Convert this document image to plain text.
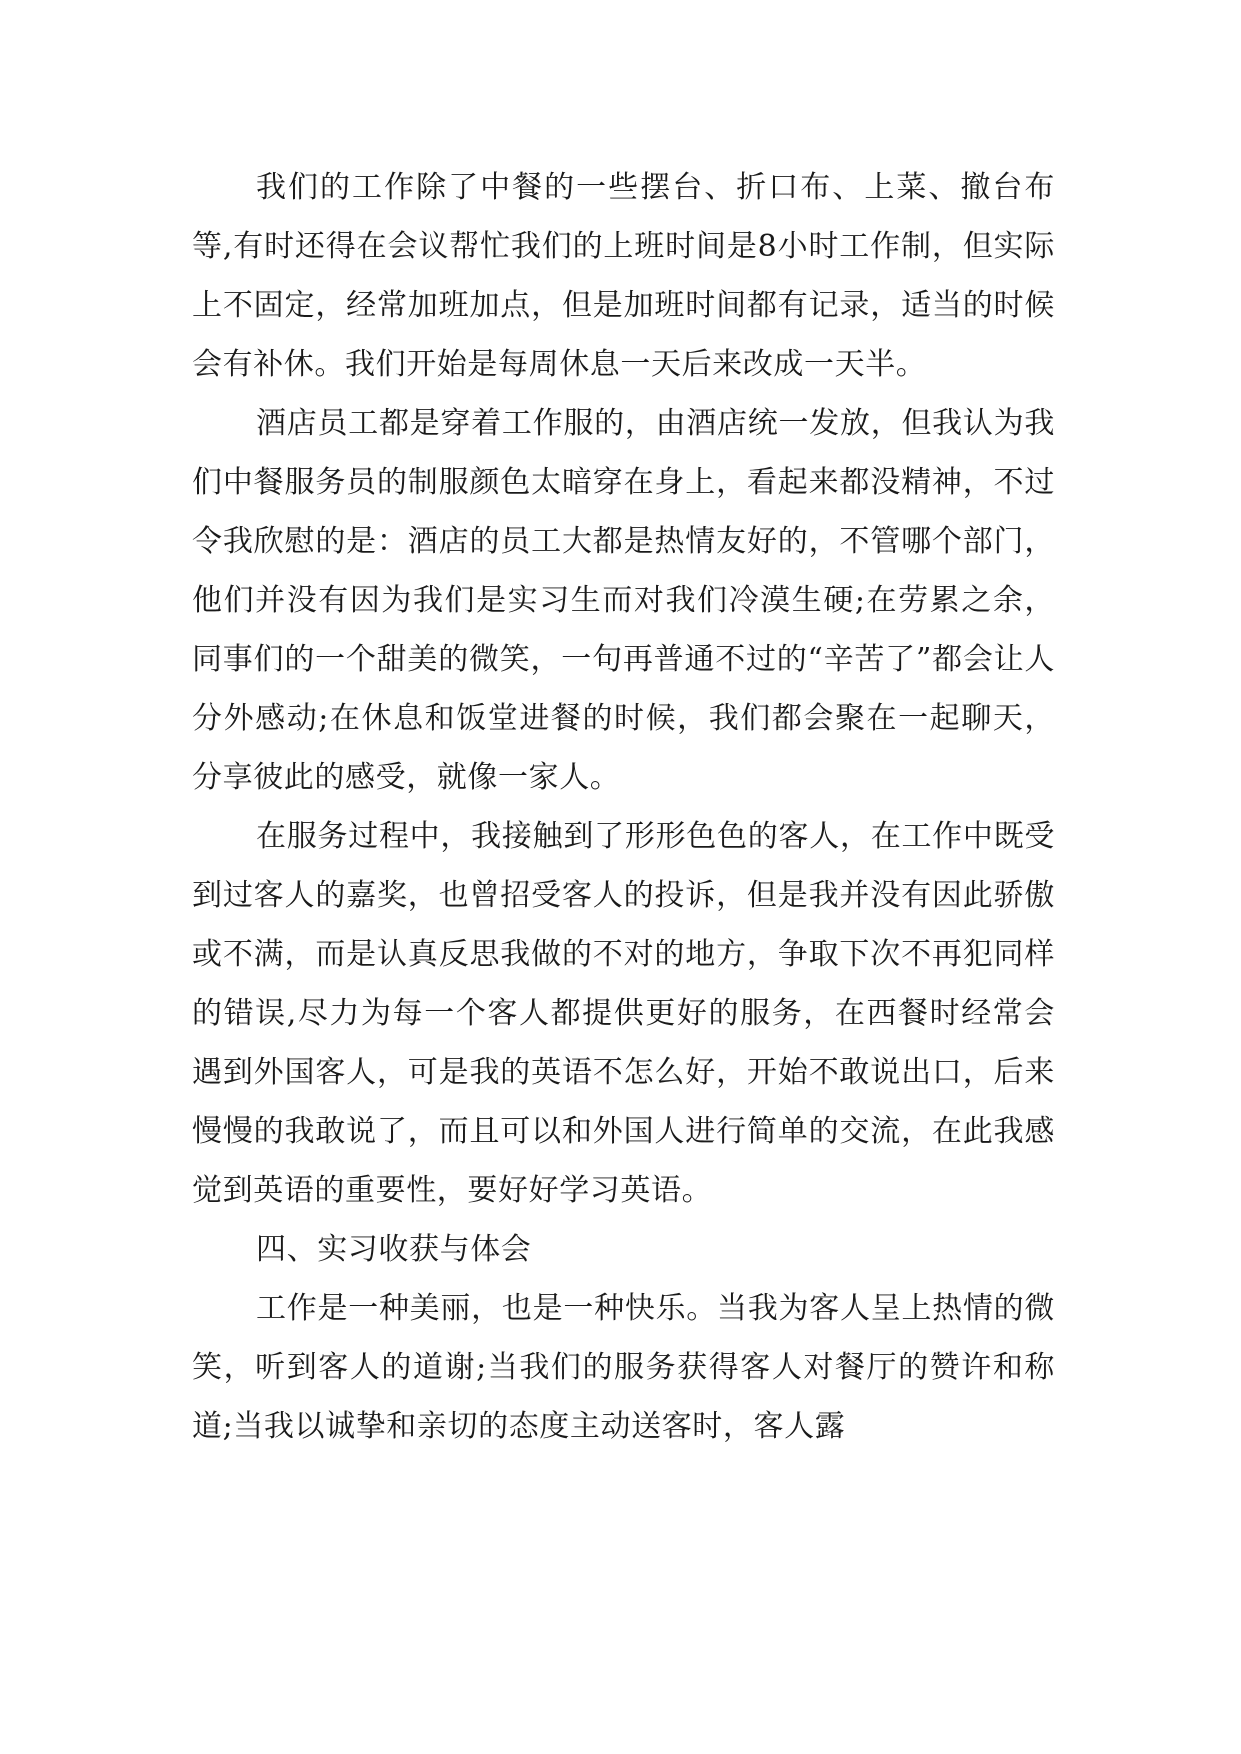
我们的工作除了中餐的一些摆台、折口布、上菜、撤台布等,有时还得在会议帮忙我们的上班时间是8小时工作制，但实际上不固定，经常加班加点，但是加班时间都有记录，适当的时候会有补休。我们开始是每周休息一天后来改成一天半。

酒店员工都是穿着工作服的，由酒店统一发放，但我认为我们中餐服务员的制服颜色太暗穿在身上，看起来都没精神，不过令我欣慰的是：酒店的员工大都是热情友好的，不管哪个部门，他们并没有因为我们是实习生而对我们冷漠生硬;在劳累之余，同事们的一个甜美的微笑，一句再普通不过的“辛苦了”都会让人分外感动;在休息和饭堂进餐的时候，我们都会聚在一起聊天，分享彼此的感受，就像一家人。

在服务过程中，我接触到了形形色色的客人，在工作中既受到过客人的嘉奖，也曾招受客人的投诉，但是我并没有因此骄傲或不满，而是认真反思我做的不对的地方，争取下次不再犯同样的错误,尽力为每一个客人都提供更好的服务，在西餐时经常会遇到外国客人，可是我的英语不怎么好，开始不敢说出口，后来慢慢的我敢说了，而且可以和外国人进行简单的交流，在此我感觉到英语的重要性，要好好学习英语。

四、实习收获与体会

工作是一种美丽，也是一种快乐。当我为客人呈上热情的微笑，听到客人的道谢;当我们的服务获得客人对餐厅的赞许和称道;当我以诚挚和亲切的态度主动送客时，客人露
